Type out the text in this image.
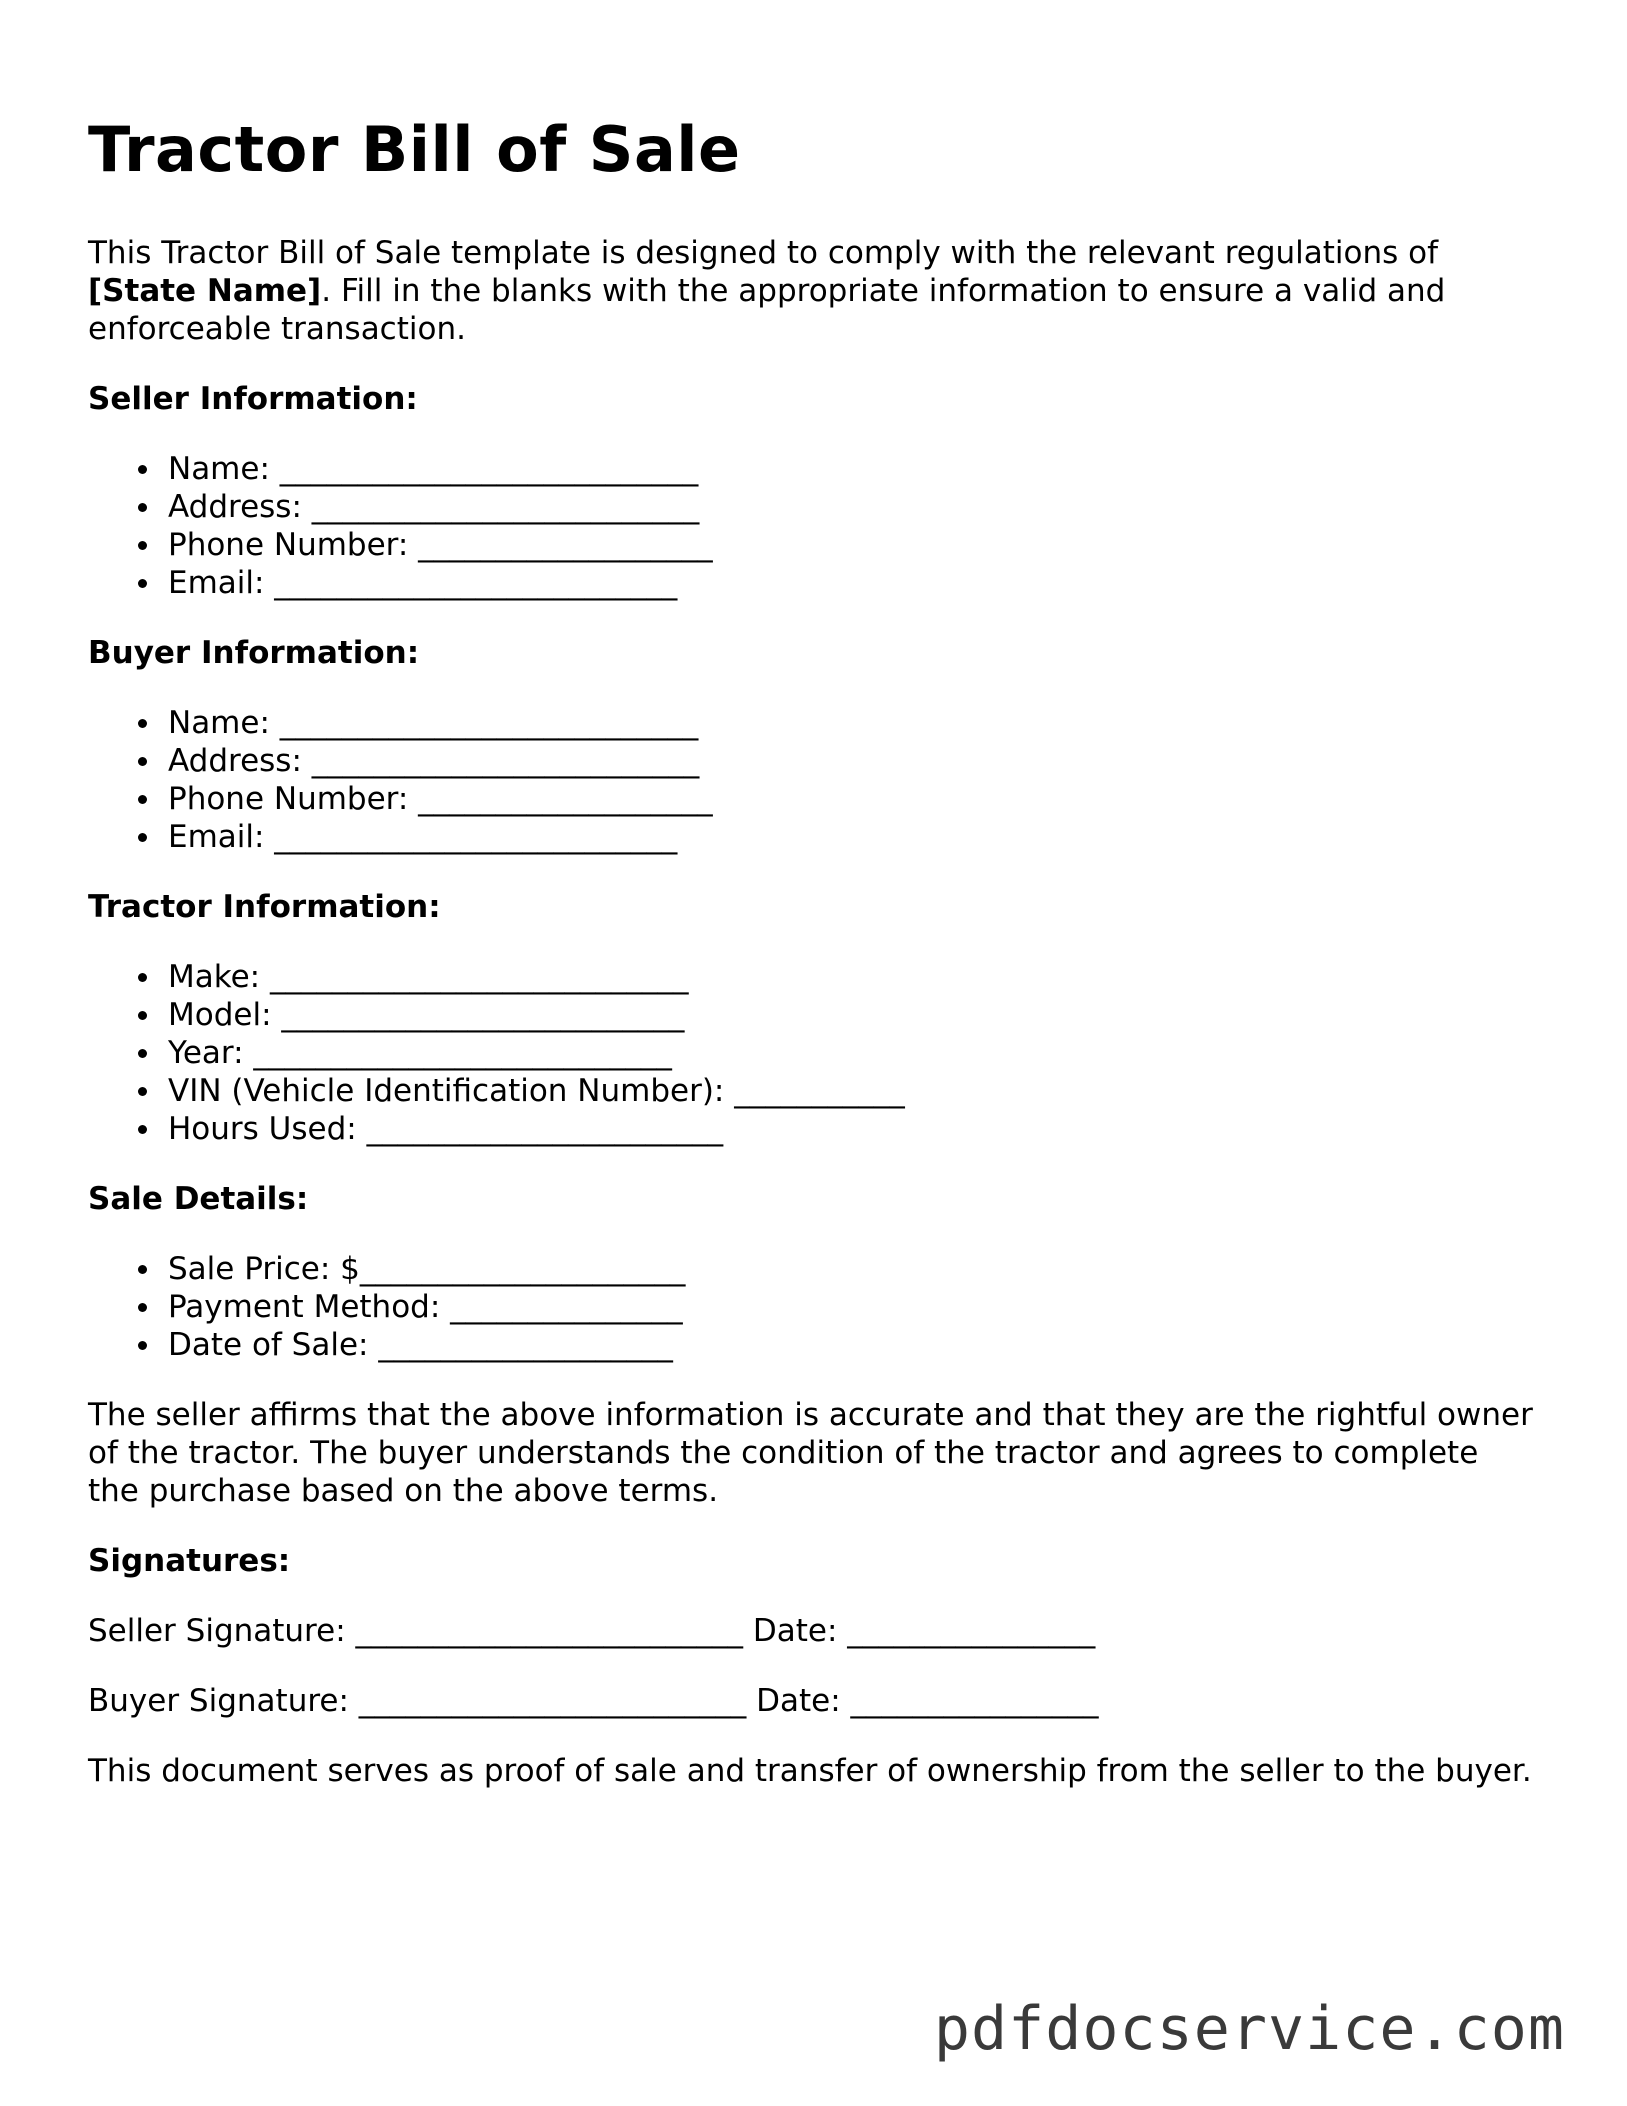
Tractor Bill of Sale

This Tractor Bill of Sale template is designed to comply with the relevant regulations of [State Name]. Fill in the blanks with the appropriate information to ensure a valid and enforceable transaction.

Seller Information:
Name: ___________________________
Address: _________________________
Phone Number: ___________________
Email: __________________________
Buyer Information:
Name: ___________________________
Address: _________________________
Phone Number: ___________________
Email: __________________________
Tractor Information:
Make: ___________________________
Model: __________________________
Year: ___________________________
VIN (Vehicle Identification Number): ___________
Hours Used: _______________________
Sale Details:
Sale Price: $_____________________
Payment Method: _______________
Date of Sale: ___________________

The seller affirms that the above information is accurate and that they are the rightful owner of the tractor. The buyer understands the condition of the tractor and agrees to complete the purchase based on the above terms.

Signatures:
Seller Signature: _________________________ Date: ________________
Buyer Signature: _________________________ Date: ________________

This document serves as proof of sale and transfer of ownership from the seller to the buyer.

pdfdocservice.com
